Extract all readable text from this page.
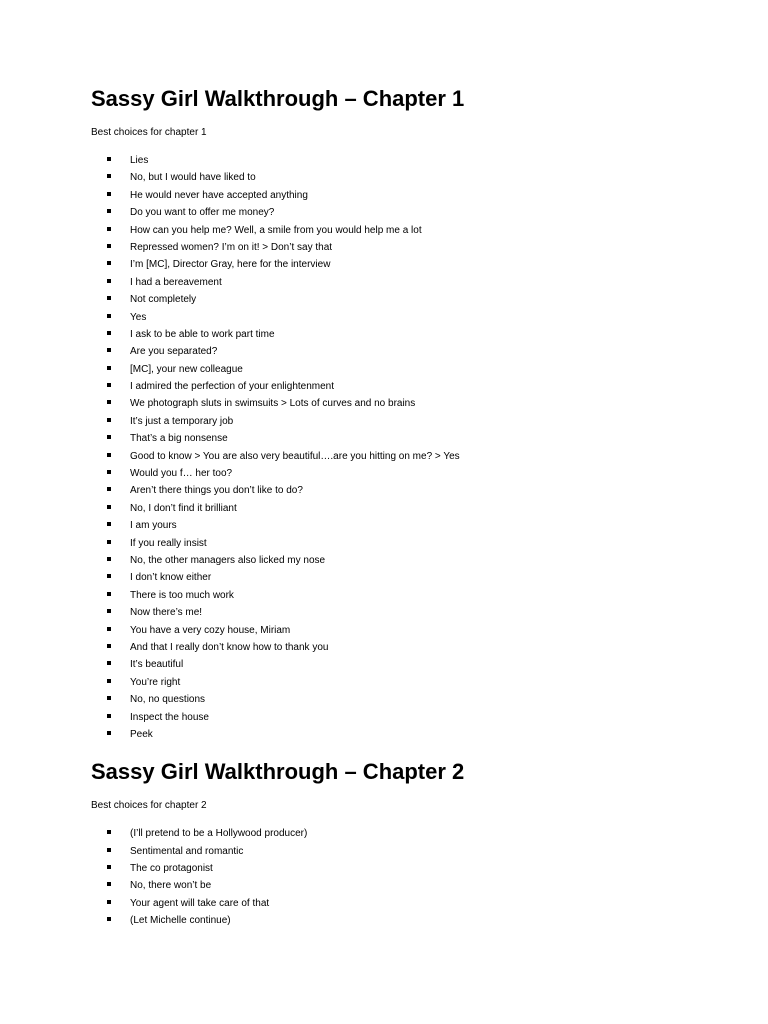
Sassy Girl Walkthrough – Chapter 1

Best choices for chapter 1

Lies
No, but I would have liked to
He would never have accepted anything
Do you want to offer me money?
How can you help me? Well, a smile from you would help me a lot
Repressed women? I’m on it! > Don’t say that
I’m [MC], Director Gray, here for the interview
I had a bereavement
Not completely
Yes
I ask to be able to work part time
Are you separated?
[MC], your new colleague
I admired the perfection of your enlightenment
We photograph sluts in swimsuits > Lots of curves and no brains
It’s just a temporary job
That’s a big nonsense
Good to know > You are also very beautiful….are you hitting on me? > Yes
Would you f… her too?
Aren’t there things you don’t like to do?
No, I don’t find it brilliant
I am yours
If you really insist
No, the other managers also licked my nose
I don’t know either
There is too much work
Now there’s me!
You have a very cozy house, Miriam
And that I really don’t know how to thank you
It’s beautiful
You’re right
No, no questions
Inspect the house
Peek
Sassy Girl Walkthrough – Chapter 2

Best choices for chapter 2

(I’ll pretend to be a Hollywood producer)
Sentimental and romantic
The co protagonist
No, there won’t be
Your agent will take care of that
(Let Michelle continue)
